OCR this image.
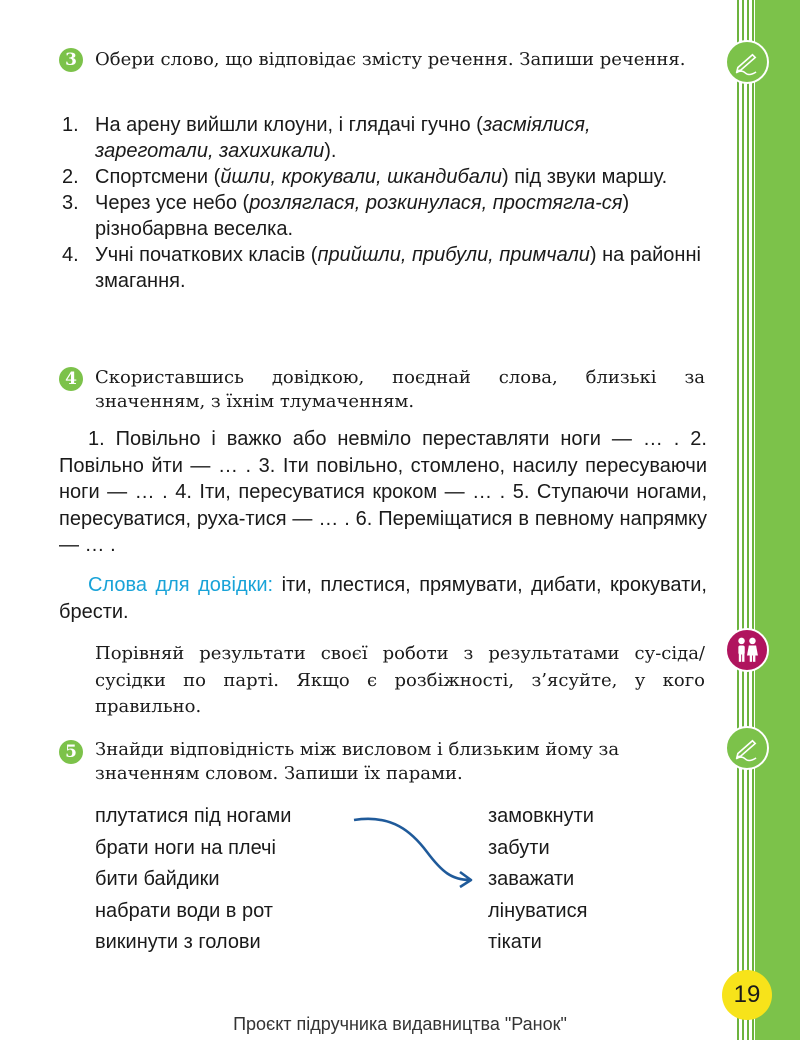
3	Обери слово, що відповідає змісту речення. Запиши речення.
1. На арену вийшли клоуни, і глядачі гучно (засміялися, зареготали, захихикали).
2. Спортсмени (йшли, крокували, шкандибали) під звуки маршу.
3. Через усе небо (розляглася, розкинулася, простягла-ся) різнобарвна веселка.
4. Учні початкових класів (прийшли, прибули, примчали) на районні змагання.
4	Скориставшись довідкою, поєднай слова, близькі за значенням, з їхнім тлумаченням.

1. Повільно і важко або невміло переставляти ноги — … . 2. Повільно йти — … . 3. Іти повільно, стомлено, насилу пересуваючи ноги — … . 4. Іти, пересуватися кроком — … . 5. Ступаючи ногами, пересуватися, руха-тися — … . 6. Переміщатися в певному напрямку — … .

Слова для довідки: іти, плестися, прямувати, дибати, крокувати, брести.

Порівняй результати своєї роботи з результатами су-сіда/сусідки по парті. Якщо є розбіжності, з’ясуйте, у кого правильно.
5	Знайди відповідність між висловом і близьким йому за значенням словом. Запиши їх парами.
плутатися під ногами
брати ноги на плечі
бити байдики
набрати води в рот
викинути з голови
замовкнути
забути
заважати
лінуватися
тікати
19
Проєкт підручника видавництва "Ранок"
